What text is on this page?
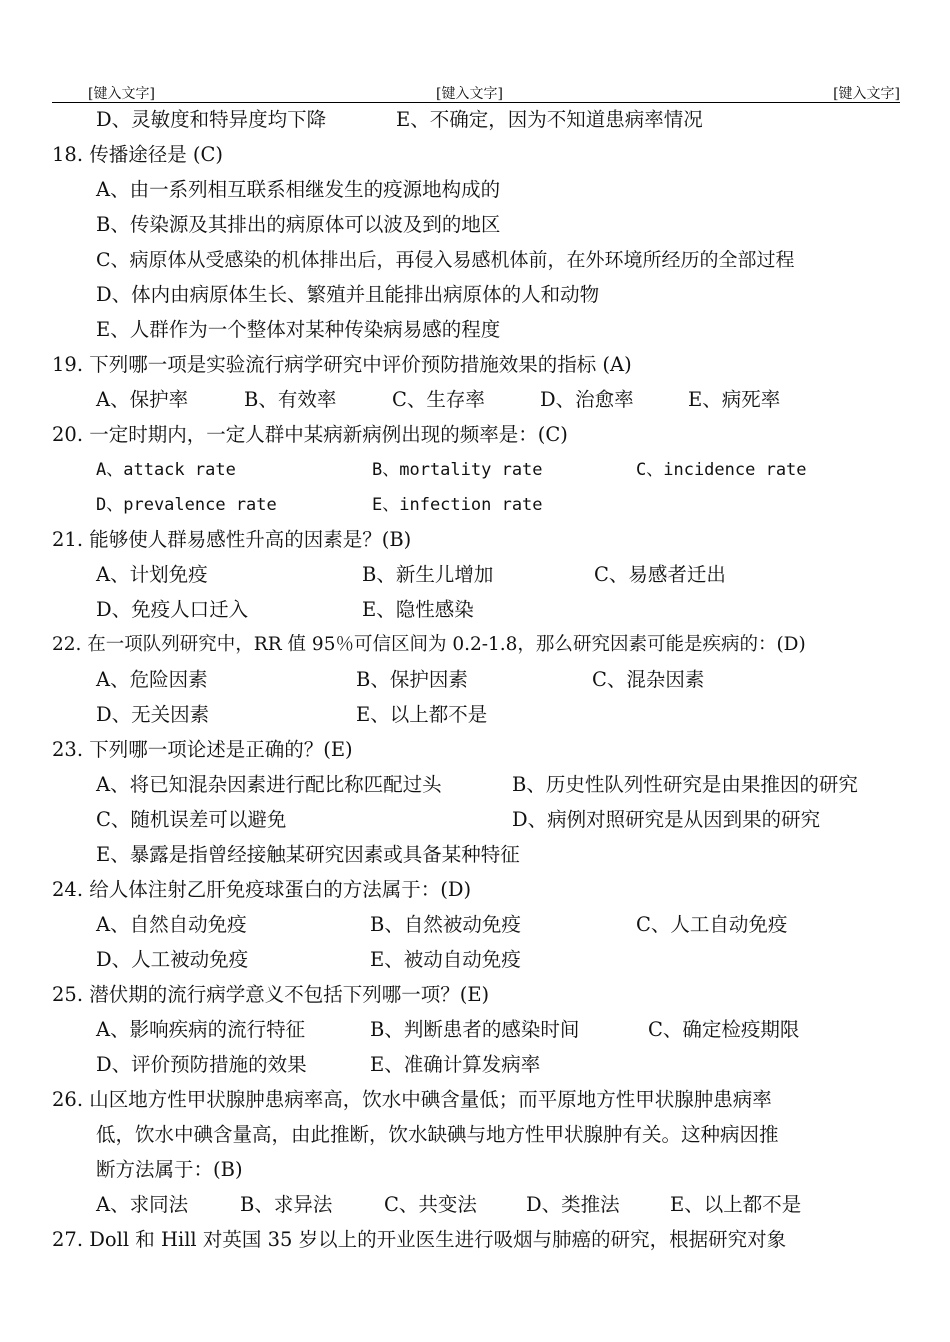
[键入文字]	[键入文字]	[键入文字]
D、灵敏度和特异度均下降	E、不确定，因为不知道患病率情况
18. 传播途径是 (C)
A、由一系列相互联系相继发生的疫源地构成的
B、传染源及其排出的病原体可以波及到的地区
C、病原体从受感染的机体排出后，再侵入易感机体前，在外环境所经历的全部过程
D、体内由病原体生长、繁殖并且能排出病原体的人和动物
E、人群作为一个整体对某种传染病易感的程度
19. 下列哪一项是实验流行病学研究中评价预防措施效果的指标 (A)
A、保护率	B、有效率	C、生存率	D、治愈率	E、病死率
20. 一定时期内，一定人群中某病新病例出现的频率是：(C)
A、attack rate	B、mortality rate	C、incidence rate
D、prevalence rate	E、infection rate
21. 能够使人群易感性升高的因素是？(B)
A、计划免疫	B、新生儿增加	C、易感者迁出
D、免疫人口迁入	E、隐性感染
22. 在一项队列研究中，RR 值 95％可信区间为 0.2-1.8，那么研究因素可能是疾病的：(D)
A、危险因素	B、保护因素	C、混杂因素
D、无关因素	E、以上都不是
23. 下列哪一项论述是正确的？(E)
A、将已知混杂因素进行配比称匹配过头	B、历史性队列性研究是由果推因的研究
C、随机误差可以避免	D、病例对照研究是从因到果的研究
E、暴露是指曾经接触某研究因素或具备某种特征
24. 给人体注射乙肝免疫球蛋白的方法属于：(D)
A、自然自动免疫	B、自然被动免疫	C、人工自动免疫
D、人工被动免疫	E、被动自动免疫
25. 潜伏期的流行病学意义不包括下列哪一项？(E)
A、影响疾病的流行特征	B、判断患者的感染时间	C、确定检疫期限
D、评价预防措施的效果	E、准确计算发病率
26. 山区地方性甲状腺肿患病率高，饮水中碘含量低；而平原地方性甲状腺肿患病率
低，饮水中碘含量高，由此推断，饮水缺碘与地方性甲状腺肿有关。这种病因推
断方法属于：(B)
A、求同法	B、求异法	C、共变法	D、类推法	E、以上都不是
27. Doll 和 Hill 对英国 35 岁以上的开业医生进行吸烟与肺癌的研究，根据研究对象
